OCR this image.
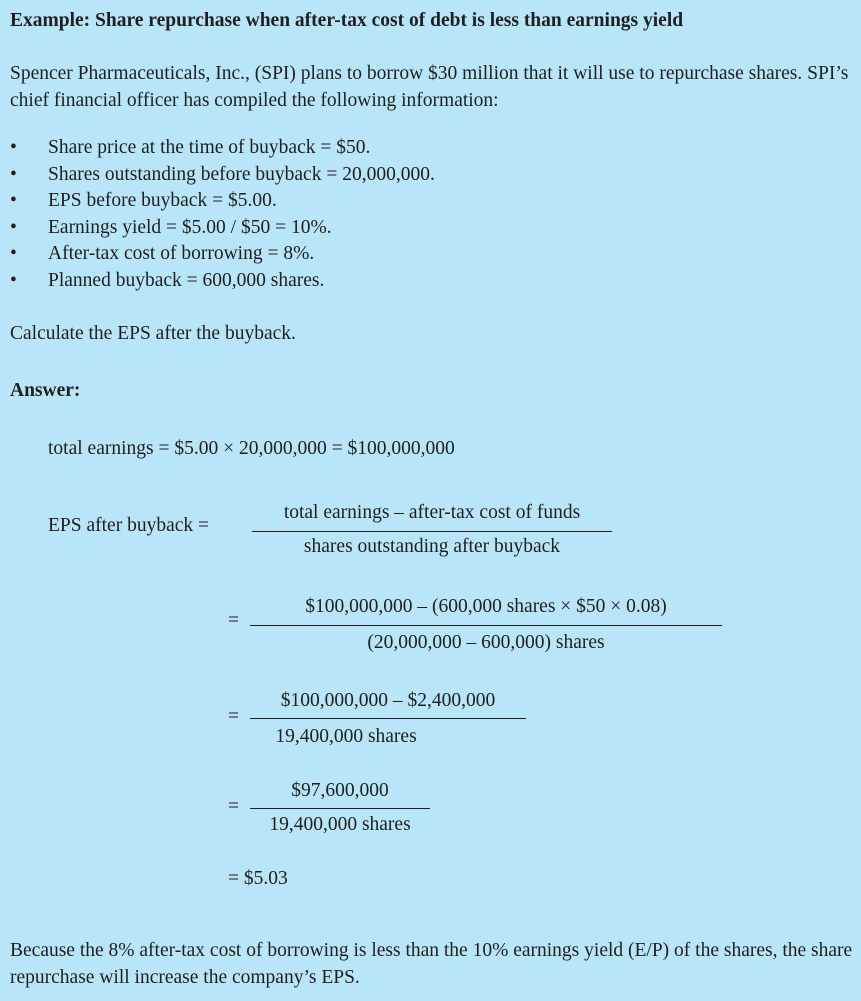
Example: Share repurchase when after-tax cost of debt is less than earnings yield
Spencer Pharmaceuticals, Inc., (SPI) plans to borrow $30 million that it will use to repurchase shares. SPI’s chief financial officer has compiled the following information:
• Share price at the time of buyback = $50.
• Shares outstanding before buyback = 20,000,000.
• EPS before buyback = $5.00.
• Earnings yield = $5.00 / $50 = 10%.
• After-tax cost of borrowing = 8%.
• Planned buyback = 600,000 shares.
Calculate the EPS after the buyback.
Answer:
total earnings = $5.00 × 20,000,000 = $100,000,000
EPS after buyback =
total earnings – after-tax cost of funds
shares outstanding after buyback
=
$100,000,000 – (600,000 shares × $50 × 0.08)
(20,000,000 – 600,000) shares
=
$100,000,000 – $2,400,000
19,400,000 shares
=
$97,600,000
19,400,000 shares
= $5.03
Because the 8% after-tax cost of borrowing is less than the 10% earnings yield (E/P) of the shares, the share repurchase will increase the company’s EPS.
